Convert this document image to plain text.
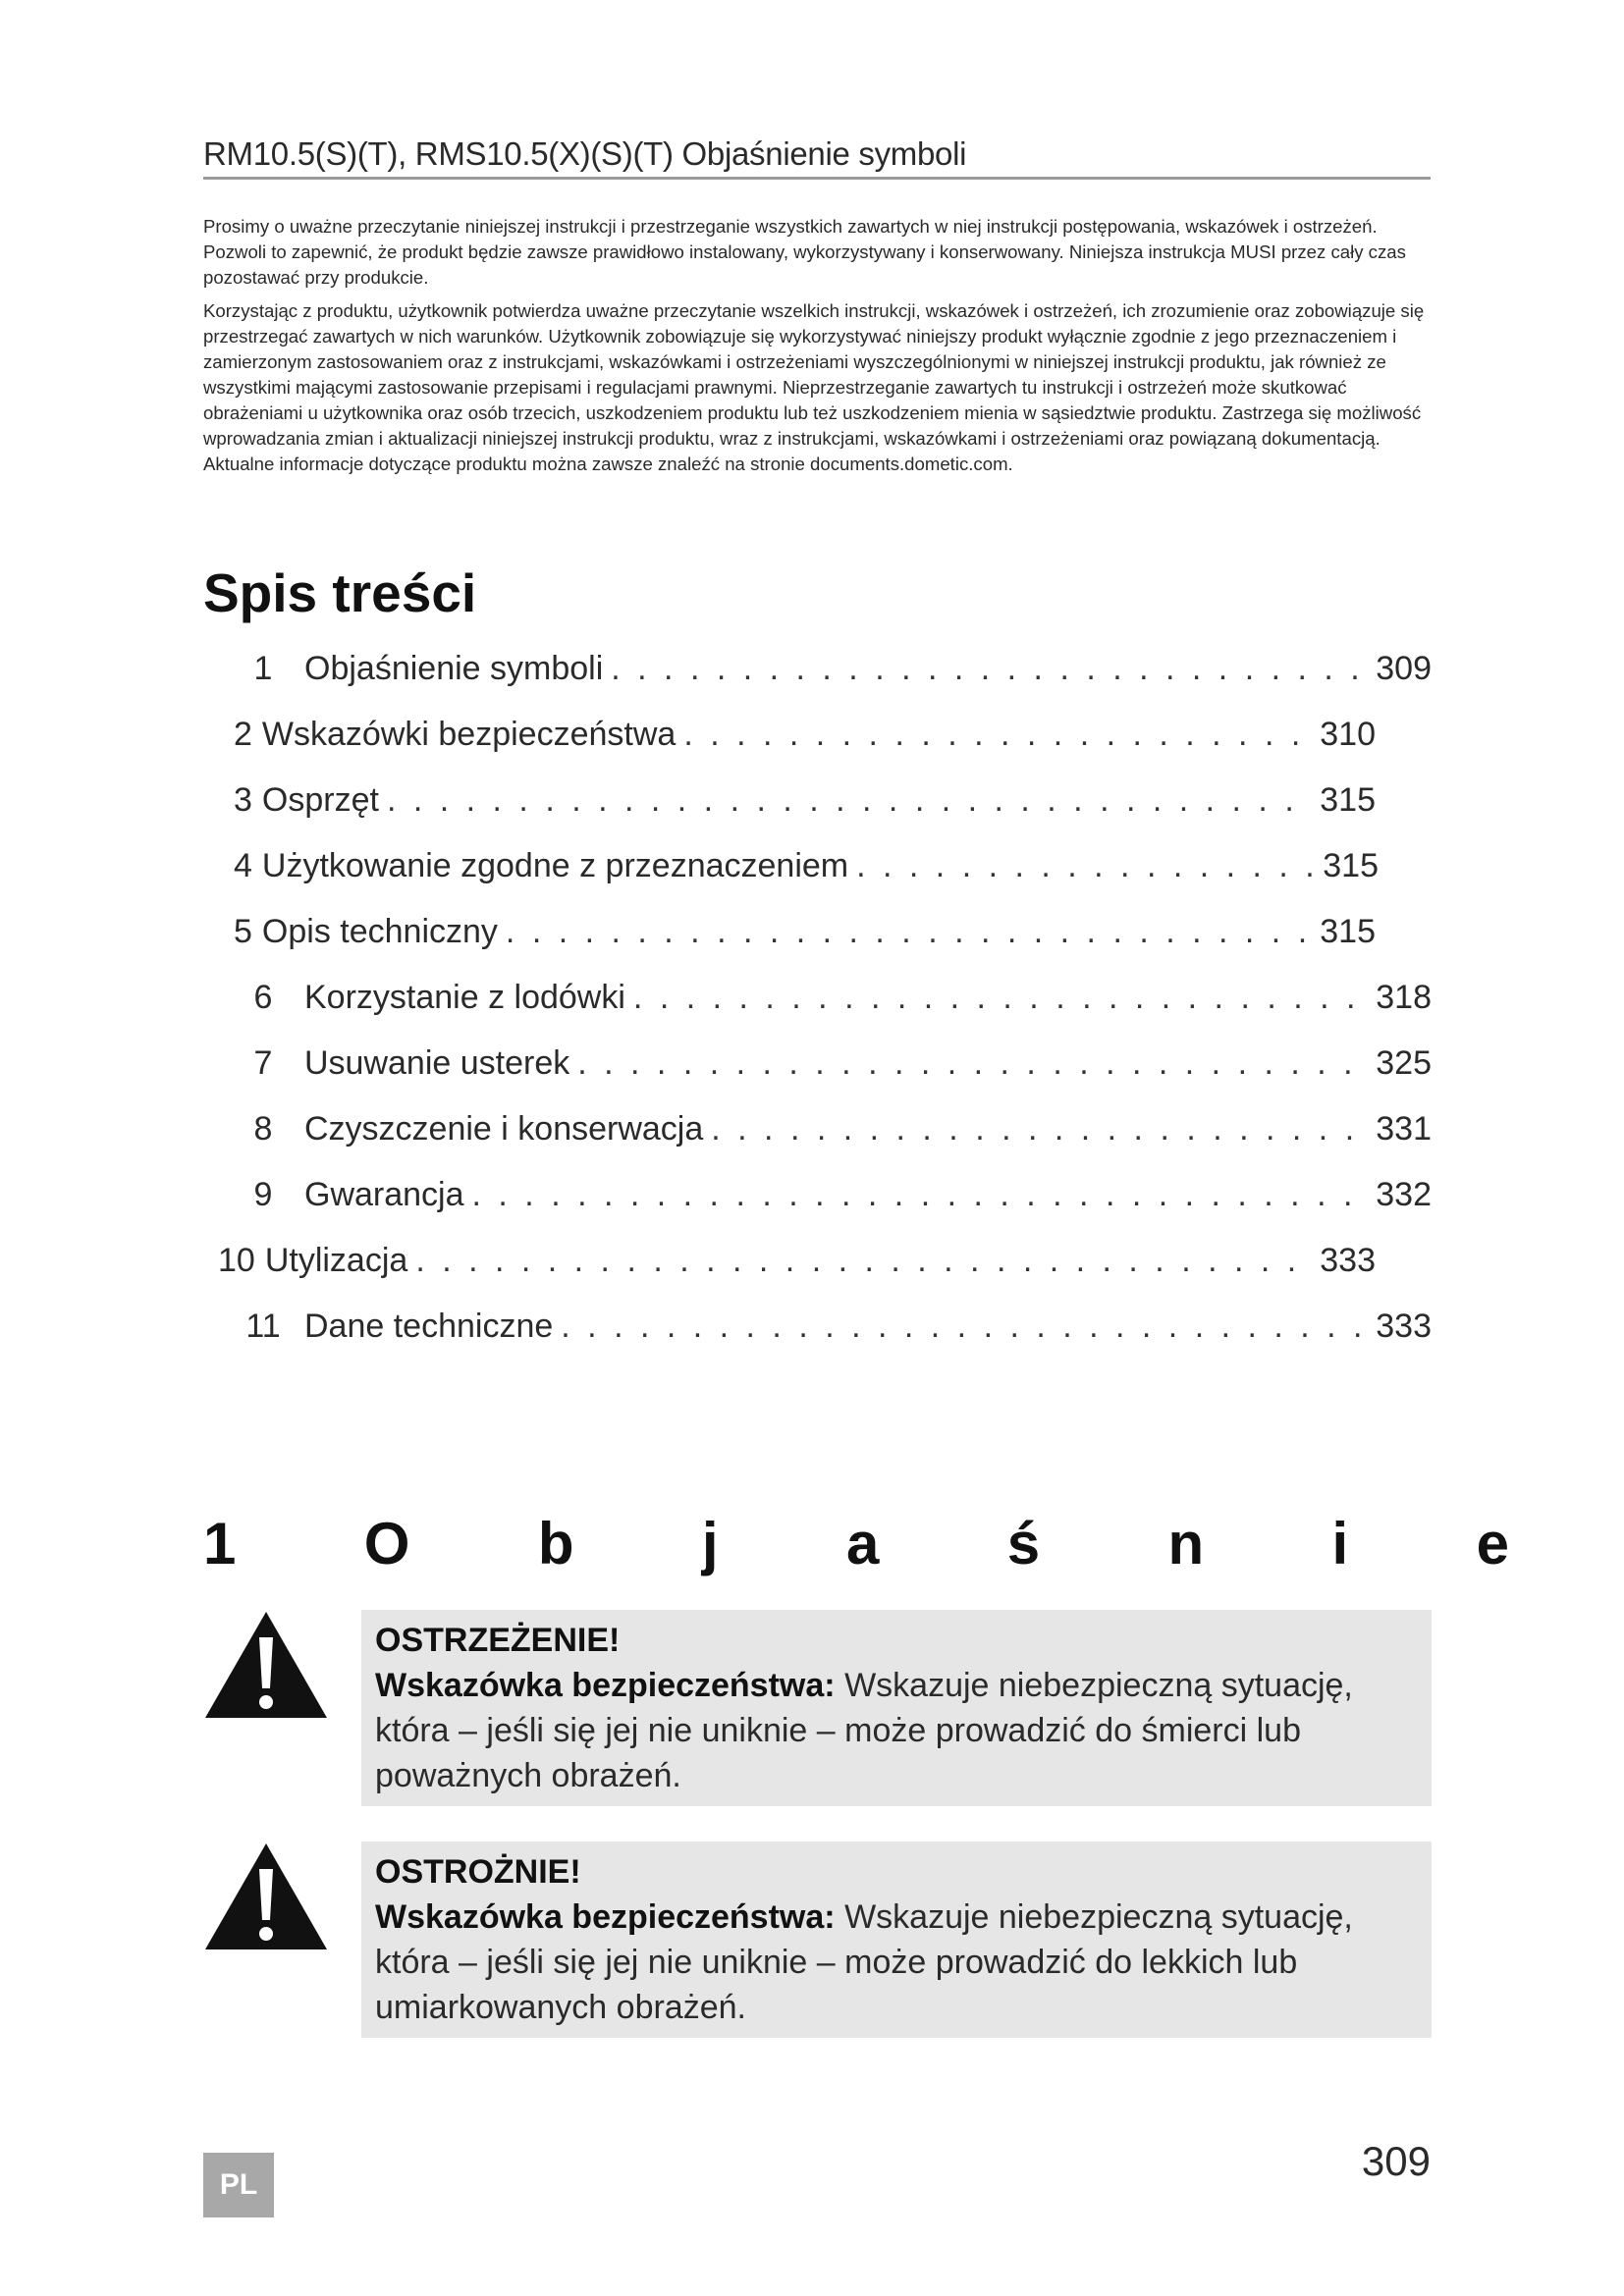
RM10.5(S)(T), RMS10.5(X)(S)(T) Objaśnienie symboli

Prosimy o uważne przeczytanie niniejszej instrukcji i przestrzeganie wszystkich zawartych w niej instrukcji postępowania, wskazówek i ostrzeżeń. Pozwoli to zapewnić, że produkt będzie zawsze prawidłowo instalowany, wykorzystywany i konserwowany. Niniejsza instrukcja MUSI przez cały czas pozostawać przy produkcie.

Korzystając z produktu, użytkownik potwierdza uważne przeczytanie wszelkich instrukcji, wskazówek i ostrzeżeń, ich zrozumienie oraz zobowiązuje się przestrzegać zawartych w nich warunków. Użytkownik zobowiązuje się wykorzystywać niniejszy produkt wyłącznie zgodnie z jego przeznaczeniem i zamierzonym zastosowaniem oraz z instrukcjami, wskazówkami i ostrzeżeniami wyszczególnionymi w niniejszej instrukcji produktu, jak również ze wszystkimi mającymi zastosowanie przepisami i regulacjami prawnymi. Nieprzestrzeganie zawartych tu instrukcji i ostrzeżeń może skutkować obrażeniami u użytkownika oraz osób trzecich, uszkodzeniem produktu lub też uszkodzeniem mienia w sąsiedztwie produktu. Zastrzega się możliwość wprowadzania zmian i aktualizacji niniejszej instrukcji produktu, wraz z instrukcjami, wskazówkami i ostrzeżeniami oraz powiązaną dokumentacją. Aktualne informacje dotyczące produktu można zawsze znaleźć na stronie documents.dometic.com.

Spis treści
1 Objaśnienie symboli . . .	309
2 Wskazówki bezpieczeństwa . . .	310
3 Osprzęt . . .	315
4 Użytkowanie zgodne z przeznaczeniem . . .	315
5 Opis techniczny . . .	315
6 Korzystanie z lodówki . . .	318
7 Usuwanie usterek . . .	325
8 Czyszczenie i konserwacja . . .	331
9 Gwarancja . . .	332
10 Utylizacja . . .	333
11 Dane techniczne . . .	333
1 O b j a ś n i e
OSTRZEŻENIE!
Wskazówka bezpieczeństwa: Wskazuje niebezpieczną sytuację, która – jeśli się jej nie uniknie – może prowadzić do śmierci lub poważnych obrażeń.
OSTROŻNIE!
Wskazówka bezpieczeństwa: Wskazuje niebezpieczną sytuację, która – jeśli się jej nie uniknie – może prowadzić do lekkich lub umiarkowanych obrażeń.
PL
309
